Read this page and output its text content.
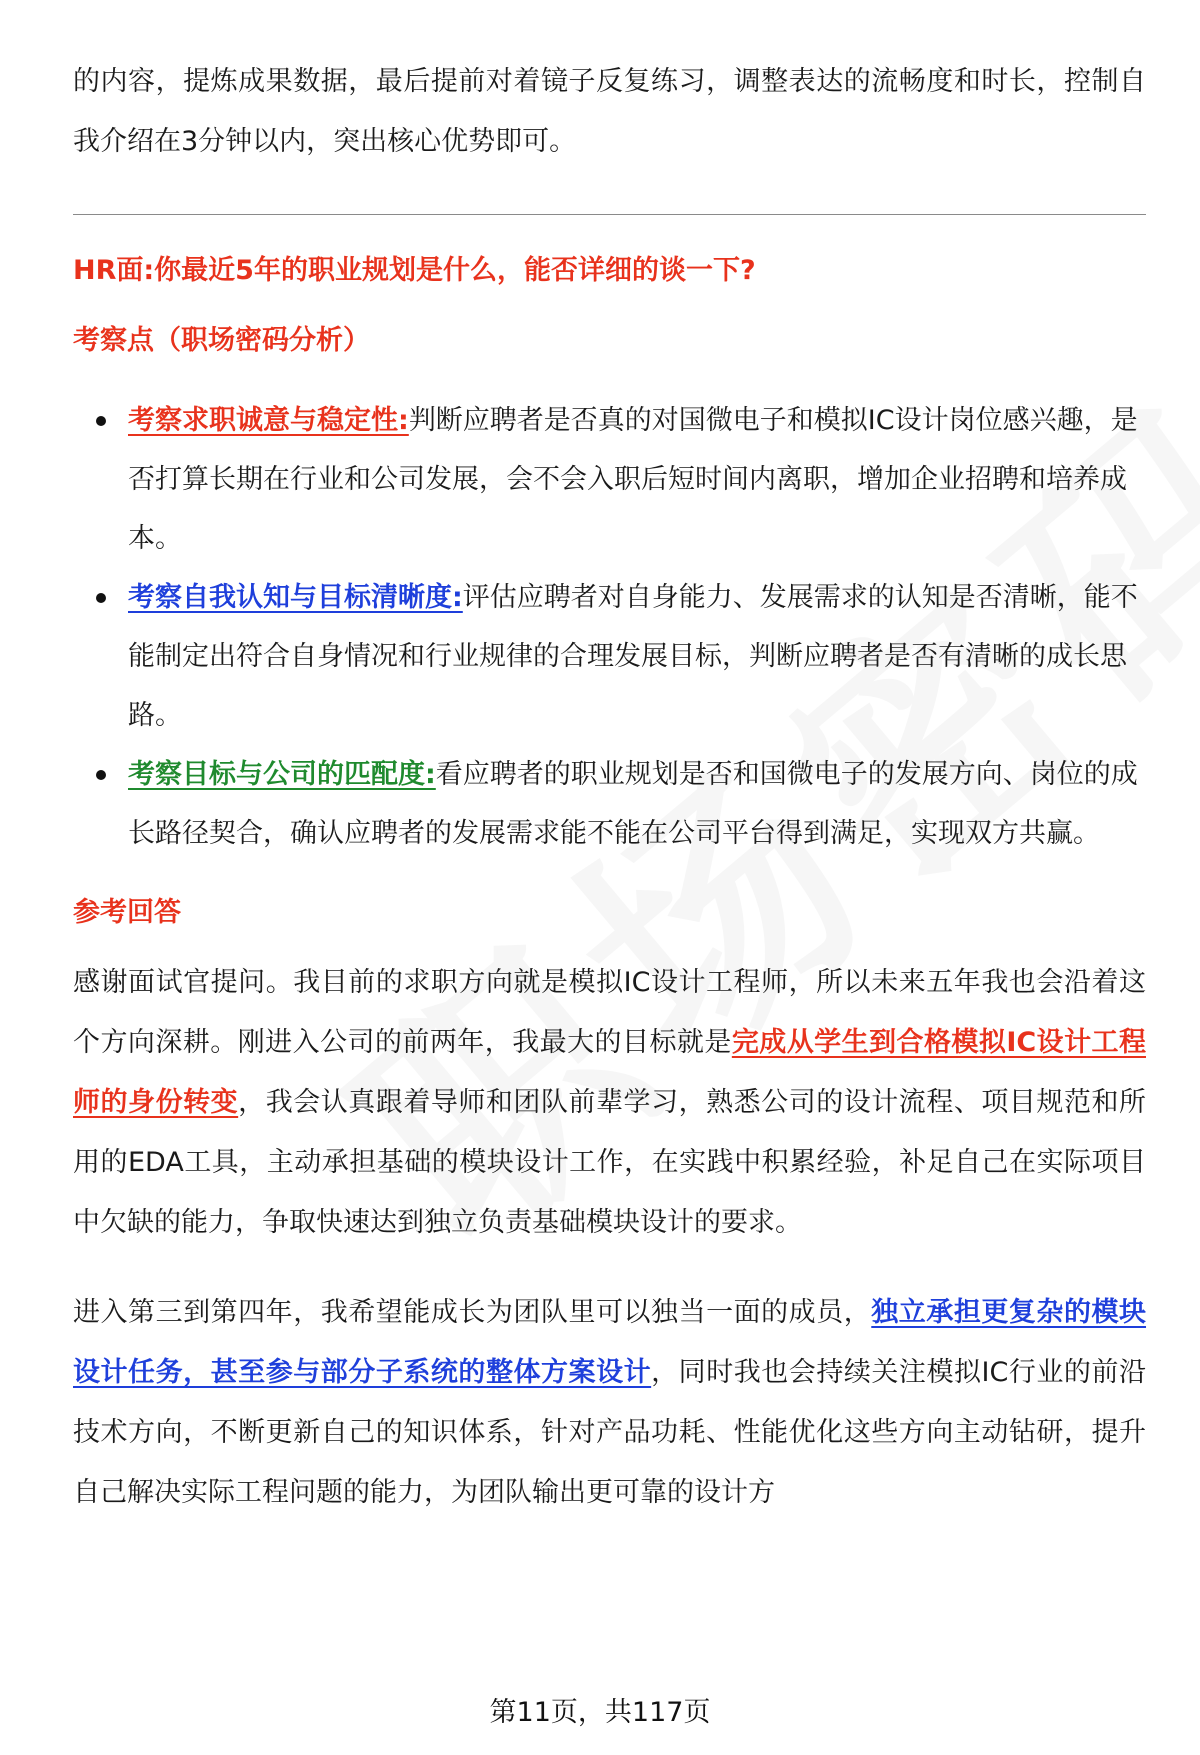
的内容，提炼成果数据，最后提前对着镜子反复练习，调整表达的流畅度和时长，控制自我介绍在3分钟以内，突出核心优势即可。

HR面:你最近5年的职业规划是什么，能否详细的谈一下?

考察点（职场密码分析）

考察求职诚意与稳定性:判断应聘者是否真的对国微电子和模拟IC设计岗位感兴趣，是否打算长期在行业和公司发展，会不会入职后短时间内离职，增加企业招聘和培养成本。
考察自我认知与目标清晰度:评估应聘者对自身能力、发展需求的认知是否清晰，能不能制定出符合自身情况和行业规律的合理发展目标，判断应聘者是否有清晰的成长思路。
考察目标与公司的匹配度:看应聘者的职业规划是否和国微电子的发展方向、岗位的成长路径契合，确认应聘者的发展需求能不能在公司平台得到满足，实现双方共赢。

参考回答

感谢面试官提问。我目前的求职方向就是模拟IC设计工程师，所以未来五年我也会沿着这个方向深耕。刚进入公司的前两年，我最大的目标就是完成从学生到合格模拟IC设计工程师的身份转变，我会认真跟着导师和团队前辈学习，熟悉公司的设计流程、项目规范和所用的EDA工具，主动承担基础的模块设计工作，在实践中积累经验，补足自己在实际项目中欠缺的能力，争取快速达到独立负责基础模块设计的要求。

进入第三到第四年，我希望能成长为团队里可以独当一面的成员，独立承担更复杂的模块设计任务，甚至参与部分子系统的整体方案设计，同时我也会持续关注模拟IC行业的前沿技术方向，不断更新自己的知识体系，针对产品功耗、性能优化这些方向主动钻研，提升自己解决实际工程问题的能力，为团队输出更可靠的设计方

第11页，共117页
